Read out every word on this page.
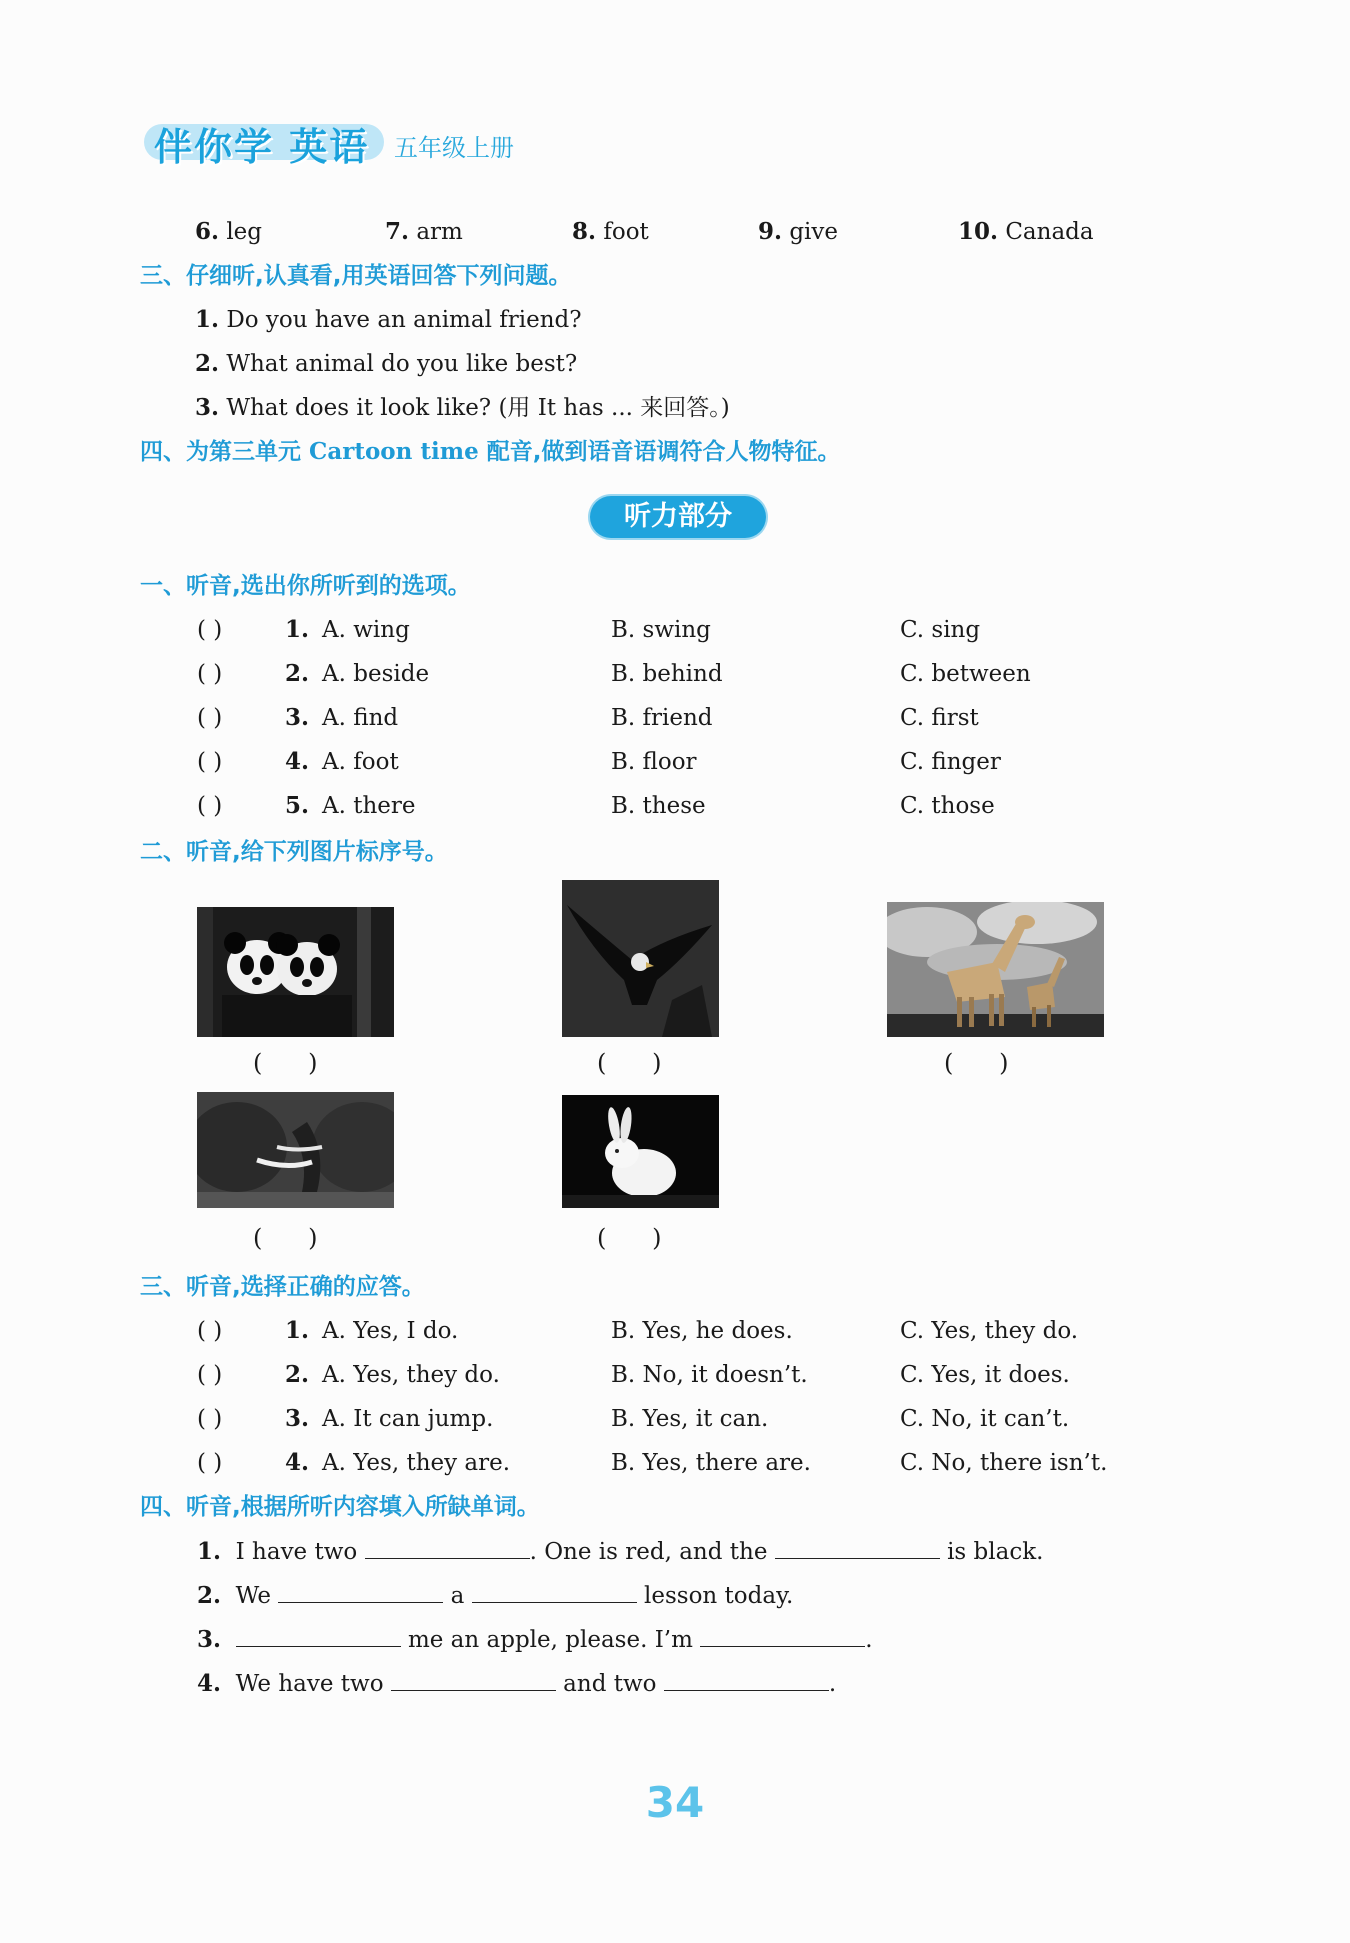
伴你学 英语 五年级上册
6. leg	7. arm	8. foot	9. give	10. Canada
三、仔细听,认真看,用英语回答下列问题。
1. Do you have an animal friend?
2. What animal do you like best?
3. What does it look like? (用 It has ... 来回答。)
四、为第三单元 Cartoon time 配音,做到语音语调符合人物特征。
听力部分
一、听音,选出你所听到的选项。
( )	1. A. wing	B. swing	C. sing
( )	2. A. beside	B. behind	C. between
( )	3. A. find	B. friend	C. first
( )	4. A. foot	B. floor	C. finger
( )	5. A. there	B. these	C. those
二、听音,给下列图片标序号。
(      )	(      )	(      )
(      )	(      )
三、听音,选择正确的应答。
( )	1. A. Yes, I do.	B. Yes, he does.	C. Yes, they do.
( )	2. A. Yes, they do.	B. No, it doesn’t.	C. Yes, it does.
( )	3. A. It can jump.	B. Yes, it can.	C. No, it can’t.
( )	4. A. Yes, they are.	B. Yes, there are.	C. No, there isn’t.
四、听音,根据所听内容填入所缺单词。
1. I have two	. One is red, and the	is black.
2. We	a	lesson today.
3.	me an apple, please. I’m	.
4. We have two	and two	.
34
